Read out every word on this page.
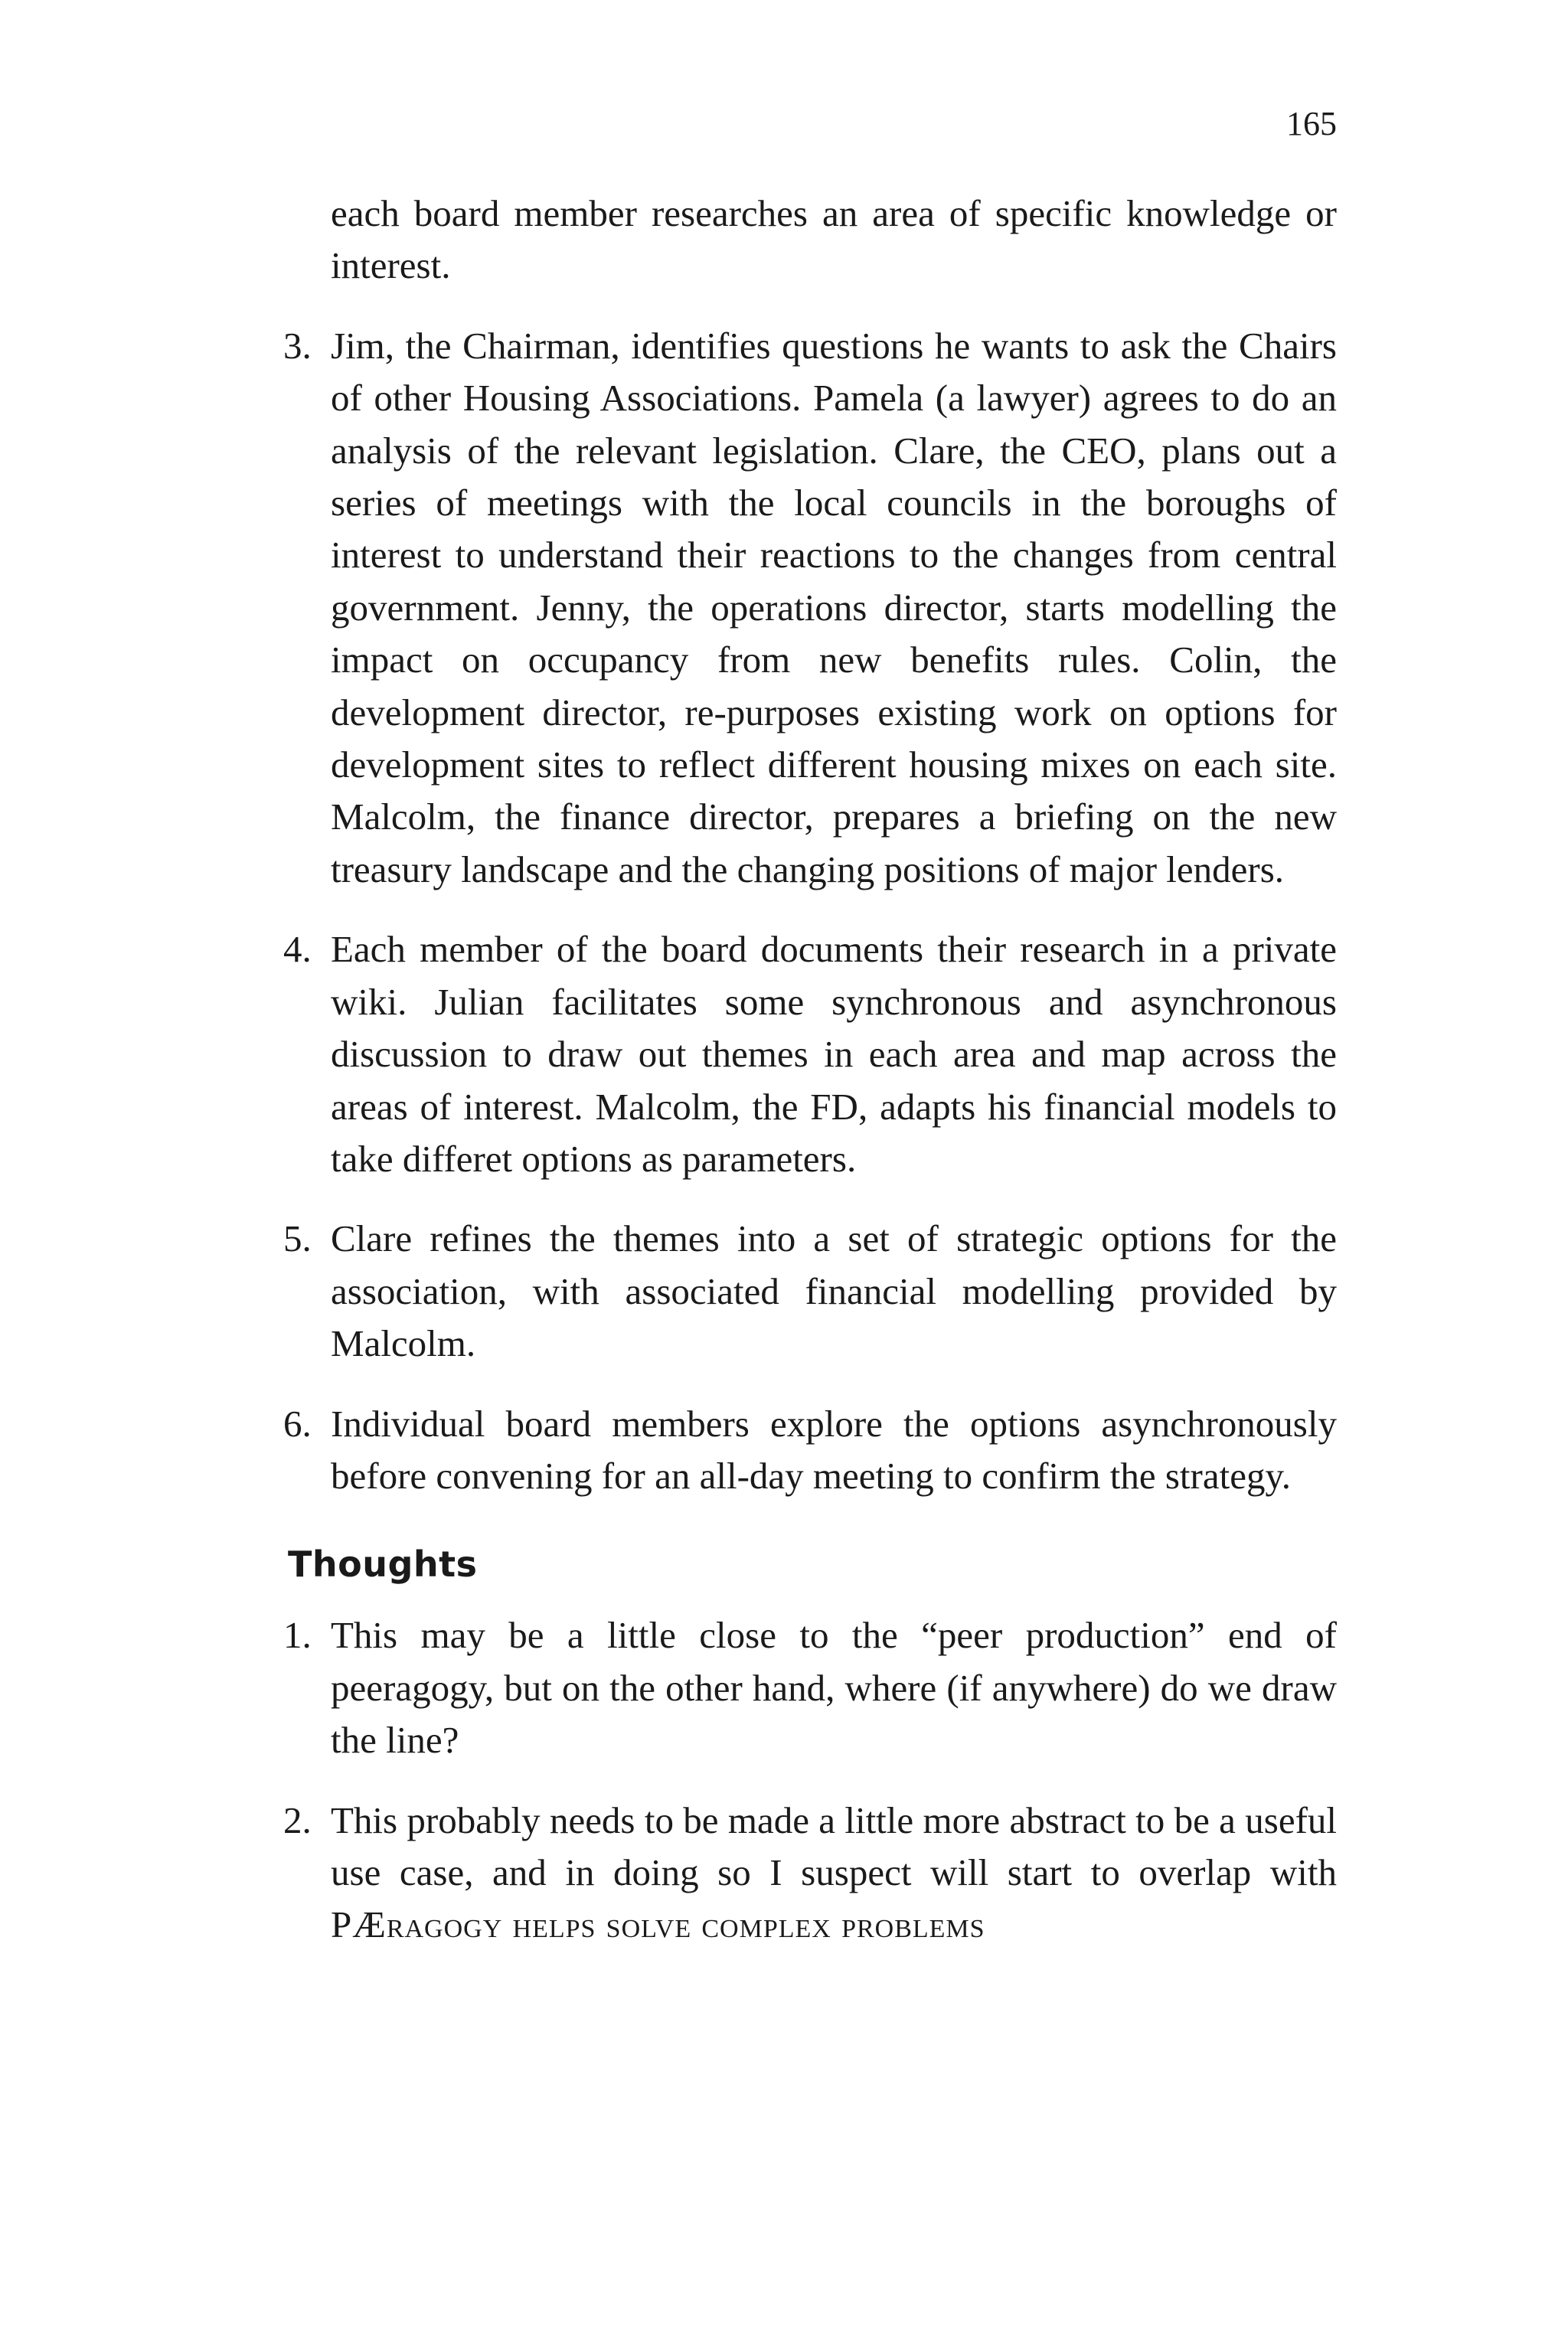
165

each board member researches an area of specific knowledge or interest.

3. Jim, the Chairman, identifies questions he wants to ask the Chairs of other Housing Associations. Pamela (a lawyer) agrees to do an analysis of the relevant legislation. Clare, the CEO, plans out a series of meetings with the local councils in the boroughs of interest to understand their reactions to the changes from central government. Jenny, the operations director, starts modelling the impact on occupancy from new benefits rules. Colin, the development director, re-purposes existing work on options for development sites to reflect different housing mixes on each site. Malcolm, the finance director, prepares a briefing on the new treasury landscape and the changing positions of major lenders.
4. Each member of the board documents their research in a private wiki. Julian facilitates some synchronous and asynchronous discussion to draw out themes in each area and map across the areas of interest. Malcolm, the FD, adapts his financial models to take differet options as parameters.
5. Clare refines the themes into a set of strategic options for the association, with associated financial modelling provided by Malcolm.
6. Individual board members explore the options asynchronously before convening for an all-day meeting to confirm the strategy.
Thoughts
1. This may be a little close to the “peer production” end of peeragogy, but on the other hand, where (if anywhere) do we draw the line?
2. This probably needs to be made a little more abstract to be a useful use case, and in doing so I suspect will start to overlap with PÆragogy helps solve complex problems
